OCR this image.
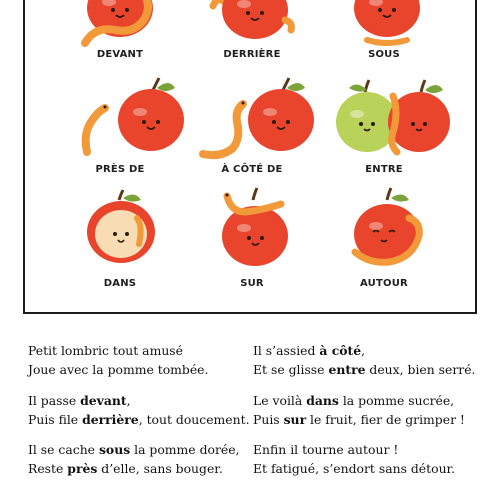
DEVANT	DERRIÈRE	SOUS
PRÈS DE	À CÔTÉ DE	ENTRE
DANS	SUR	AUTOUR
Petit lombric tout amusé
Joue avec la pomme tombée.
Il passe devant,
Puis file derrière, tout doucement.
Il se cache sous la pomme dorée,
Reste près d’elle, sans bouger.
Il s’assied à côté,
Et se glisse entre deux, bien serré.
Le voilà dans la pomme sucrée,
Puis sur le fruit, fier de grimper !
Enfin il tourne autour !
Et fatigué, s’endort sans détour.
